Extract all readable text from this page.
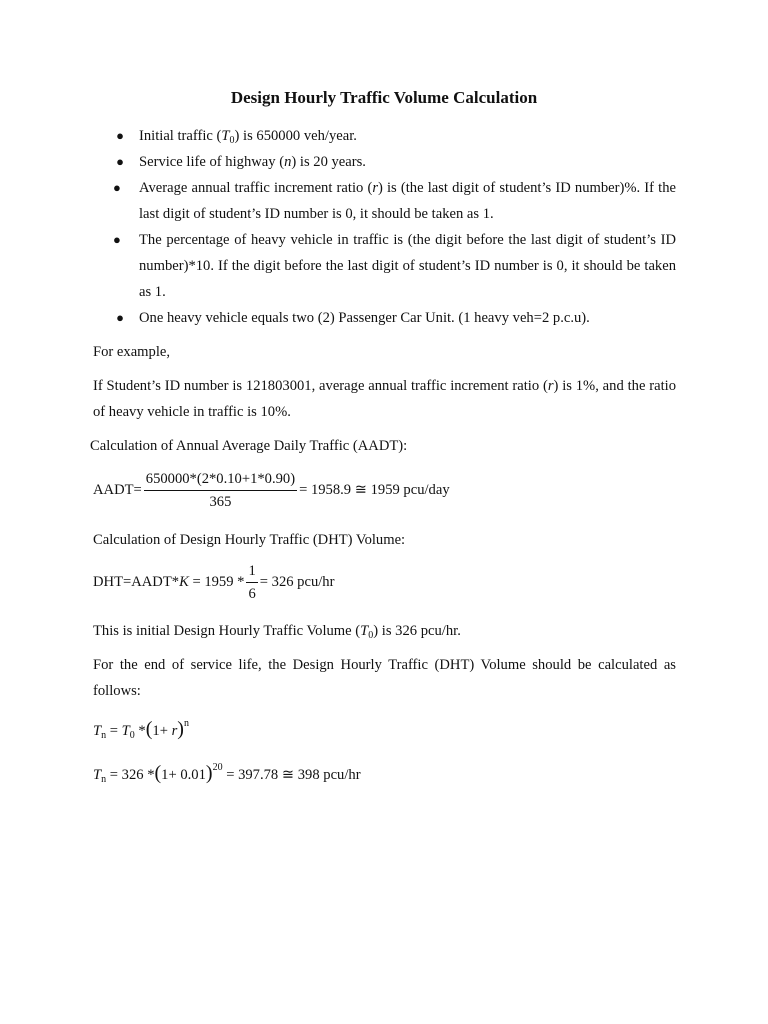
Design Hourly Traffic Volume Calculation
● Initial traffic $(T_0)$ is 650000 veh/year.
● Service life of highway (n) is 20 years.
●	Average annual traffic increment ratio (r) is (the last digit of student’s ID number)%. If the last digit of student’s ID number is 0, it should be taken as 1.
●	The percentage of heavy vehicle in traffic is (the digit before the last digit of student’s ID number)*10. If the digit before the last digit of student’s ID number is 0, it should be taken as 1.
● One heavy vehicle equals two (2) Passenger Car Unit. (1 heavy veh=2 p.c.u).

For example,

If Student’s ID number is 121803001, average annual traffic increment ratio (r) is 1%, and the ratio of heavy vehicle in traffic is 10%.

Calculation of Annual Average Daily Traffic (AADT):

AADT= $\frac{650000*(2*0.10+1*0.90)}{365} = 1958.9$ ≅ 1959 pcu/day

Calculation of Design Hourly Traffic (DHT) Volume:

DHT=AADT*K = $1959 * \frac{1}{6} = 326$ pcu/hr

This is initial Design Hourly Traffic Volume $(T_0)$ is 326 pcu/hr.

For the end of service life, the Design Hourly Traffic (DHT) Volume should be calculated as follows:

$T_n = T_0$ $*(1+ r)^n$
$T_n = 326$ $*(1+ 0.01)^{20} = 397.78$ ≅ 398 pcu/hr
